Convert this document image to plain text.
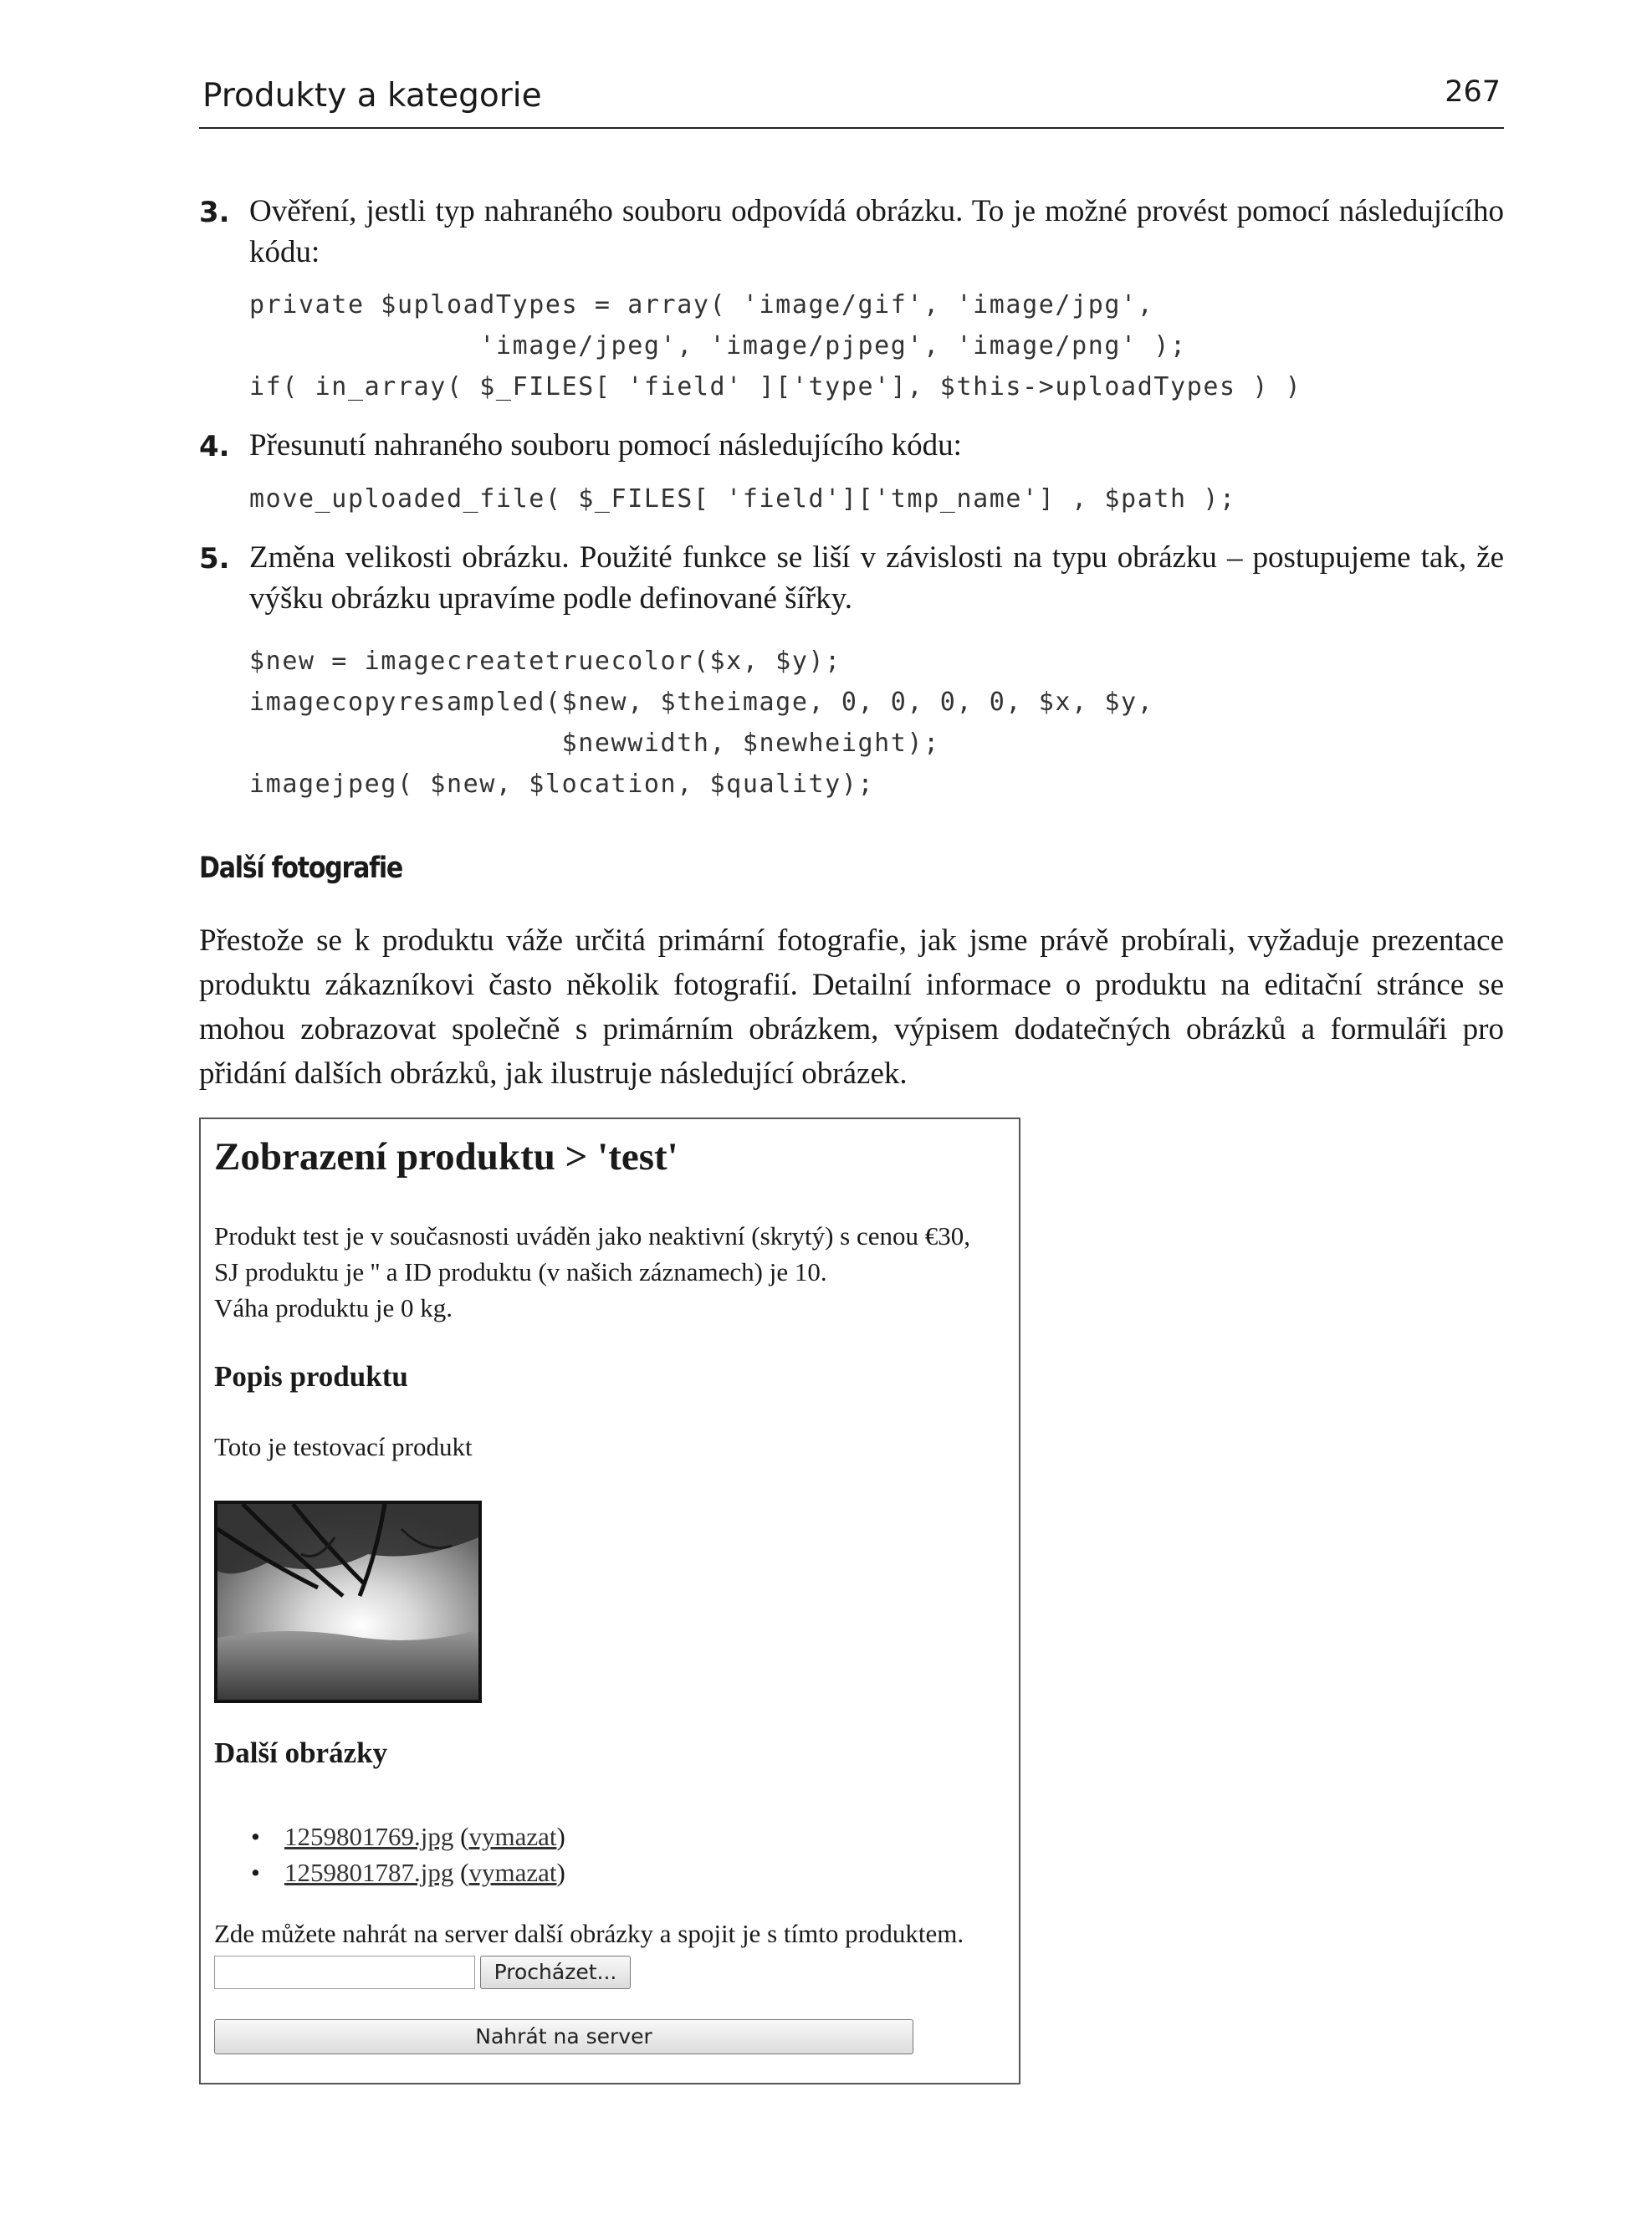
Produkty a kategorie	267
3. Ověření, jestli typ nahraného souboru odpovídá obrázku. To je možné provést pomocí následujícího kódu:
private $uploadTypes = array( 'image/gif', 'image/jpg',
'image/jpeg', 'image/pjpeg', 'image/png' );
if( in_array( $_FILES[ 'field' ]['type'], $this->uploadTypes ) )
4. Přesunutí nahraného souboru pomocí následujícího kódu:
move_uploaded_file( $_FILES[ 'field']['tmp_name'] , $path );
5. Změna velikosti obrázku. Použité funkce se liší v závislosti na typu obrázku – postupujeme tak, že výšku obrázku upravíme podle definované šířky.
$new = imagecreatetruecolor($x, $y);
imagecopyresampled($new, $theimage, 0, 0, 0, 0, $x, $y,
$newwidth, $newheight);
imagejpeg( $new, $location, $quality);
Další fotografie
Přestože se k produktu váže určitá primární fotografie, jak jsme právě probírali, vyžaduje prezentace produktu zákazníkovi často několik fotografií. Detailní informace o produktu na editační stránce se mohou zobrazovat společně s primárním obrázkem, výpisem dodatečných obrázků a formuláři pro přidání dalších obrázků, jak ilustruje následující obrázek.
Zobrazení produktu > 'test'
Produkt test je v současnosti uváděn jako neaktivní (skrytý) s cenou €30,
SJ produktu je '' a ID produktu (v našich záznamech) je 10.
Váha produktu je 0 kg.
Popis produktu
Toto je testovací produkt
Další obrázky
• 1259801769.jpg (vymazat)
• 1259801787.jpg (vymazat)
Zde můžete nahrát na server další obrázky a spojit je s tímto produktem.
Procházet...
Nahrát na server
